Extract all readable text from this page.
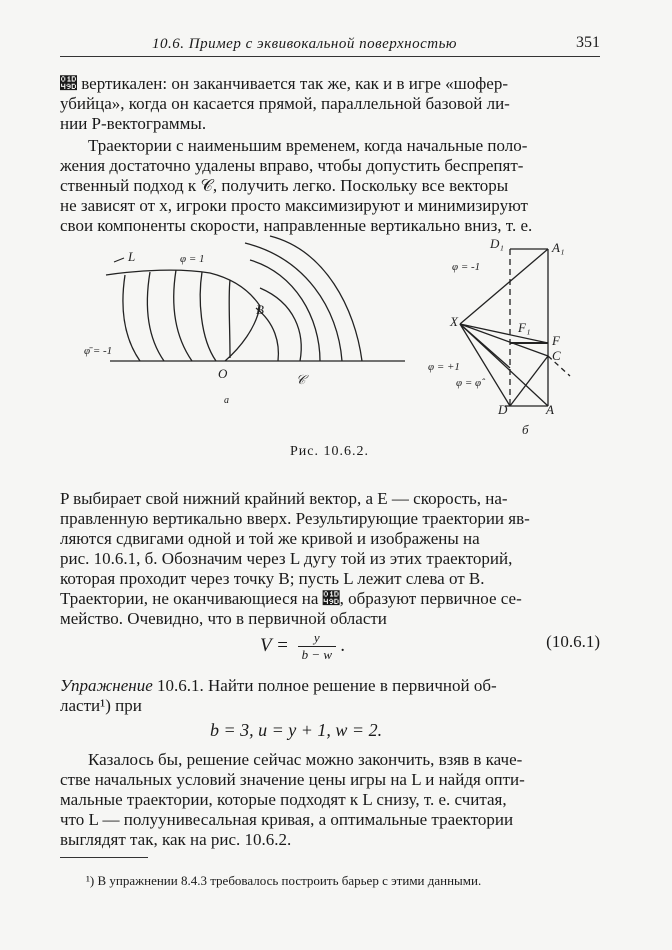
10.6. Пример с эквивокальной поверхностью	351

𝒝 вертикален: он заканчивается так же, как и в игре «шофер-

убийца», когда он касается прямой, параллельной базовой ли-

нии P-вектограммы.

Траектории с наименьшим временем, когда начальные поло-

жения достаточно удалены вправо, чтобы допустить беспрепят-

ственный подход к 𝒞, получить легко. Поскольку все векторы

не зависят от x, игроки просто максимизируют и минимизируют

свои компоненты скорости, направленные вертикально вниз, т. е.

L	φ = 1
φ̄ = -1
B
O	𝒞
а
D₁	A₁
φ = -1
X	F₁
F
C
φ = +1
φ = φ̂
D	A
б
Рис. 10.6.2.

P выбирает свой нижний крайний вектор, а E — скорость, на-

правленную вертикально вверх. Результирующие траектории яв-

ляются сдвигами одной и той же кривой и изображены на

рис. 10.6.1, б. Обозначим через L дугу той из этих траекторий,

которая проходит через точку B; пусть L лежит слева от B.

Траектории, не оканчивающиеся на 𝒝, образуют первичное се-

мейство. Очевидно, что в первичной области

$V = \frac{y}{b - w}$ .	(10.6.1)
Упражнение 10.6.1. Найти полное решение в первичной об-
ласти¹) при
b = 3, u = y + 1, w = 2.

Казалось бы, решение сейчас можно закончить, взяв в каче-

стве начальных условий значение цены игры на L и найдя опти-

мальные траектории, которые подходят к L снизу, т. е. считая,

что L — полуунивесальная кривая, а оптимальные траектории

выглядят так, как на рис. 10.6.2.

¹) В упражнении 8.4.3 требовалось построить барьер с этими данными.
